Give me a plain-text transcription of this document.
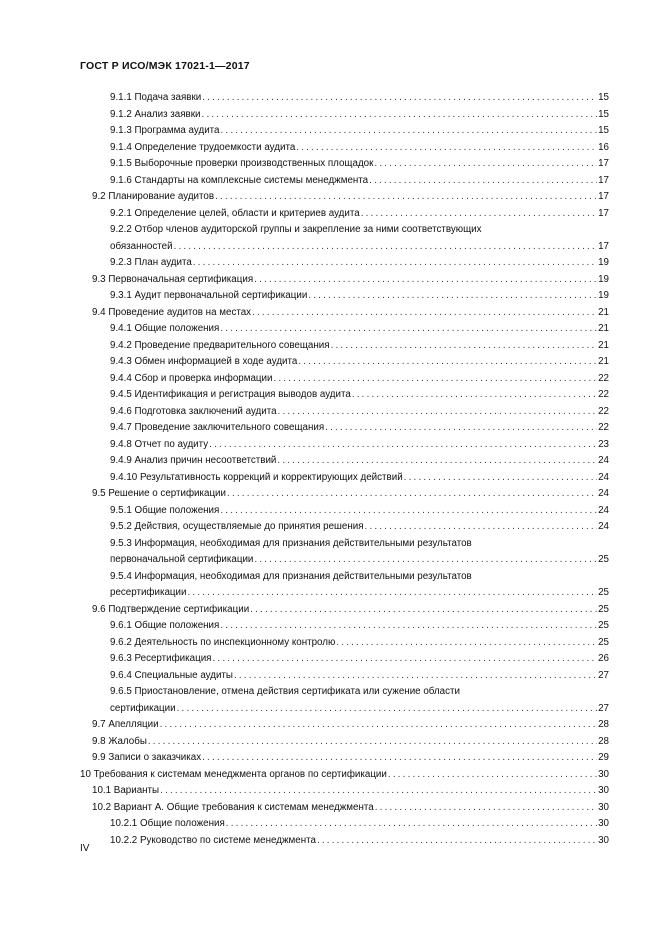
ГОСТ Р ИСО/МЭК 17021-1—2017
9.1.1 Подача заявки .....	15
9.1.2 Анализ заявки .....	15
9.1.3 Программа аудита .....	15
9.1.4 Определение трудоемкости аудита .....	16
9.1.5 Выборочные проверки производственных площадок .....	17
9.1.6 Стандарты на комплексные системы менеджмента .....	17
9.2 Планирование аудитов .....	17
9.2.1 Определение целей, области и критериев аудита .....	17
9.2.2 Отбор членов аудиторской группы и закрепление за ними соответствующих
обязанностей .....	17
9.2.3 План аудита .....	19
9.3 Первоначальная сертификация .....	19
9.3.1 Аудит первоначальной сертификации .....	19
9.4 Проведение аудитов на местах .....	21
9.4.1 Общие положения .....	21
9.4.2 Проведение предварительного совещания .....	21
9.4.3 Обмен информацией в ходе аудита .....	21
9.4.4 Сбор и проверка информации .....	22
9.4.5 Идентификация и регистрация выводов аудита .....	22
9.4.6 Подготовка заключений аудита .....	22
9.4.7 Проведение заключительного совещания .....	22
9.4.8 Отчет по аудиту .....	23
9.4.9 Анализ причин несоответствий .....	24
9.4.10 Результативность коррекций и корректирующих действий .....	24
9.5 Решение о сертификации .....	24
9.5.1 Общие положения .....	24
9.5.2 Действия, осуществляемые до принятия решения .....	24
9.5.3 Информация, необходимая для признания действительными результатов
первоначальной сертификации .....	25
9.5.4 Информация, необходимая для признания действительными результатов
ресертификации .....	25
9.6 Подтверждение сертификации .....	25
9.6.1 Общие положения .....	25
9.6.2 Деятельность по инспекционному контролю .....	25
9.6.3 Ресертификация .....	26
9.6.4 Специальные аудиты .....	27
9.6.5 Приостановление, отмена действия сертификата или сужение области
сертификации .....	27
9.7 Апелляции .....	28
9.8 Жалобы .....	28
9.9 Записи о заказчиках .....	29
10 Требования к системам менеджмента органов по сертификации .....	30
10.1 Варианты .....	30
10.2 Вариант А. Общие требования к системам менеджмента .....	30
10.2.1 Общие положения .....	30
10.2.2 Руководство по системе менеджмента .....	30
IV
